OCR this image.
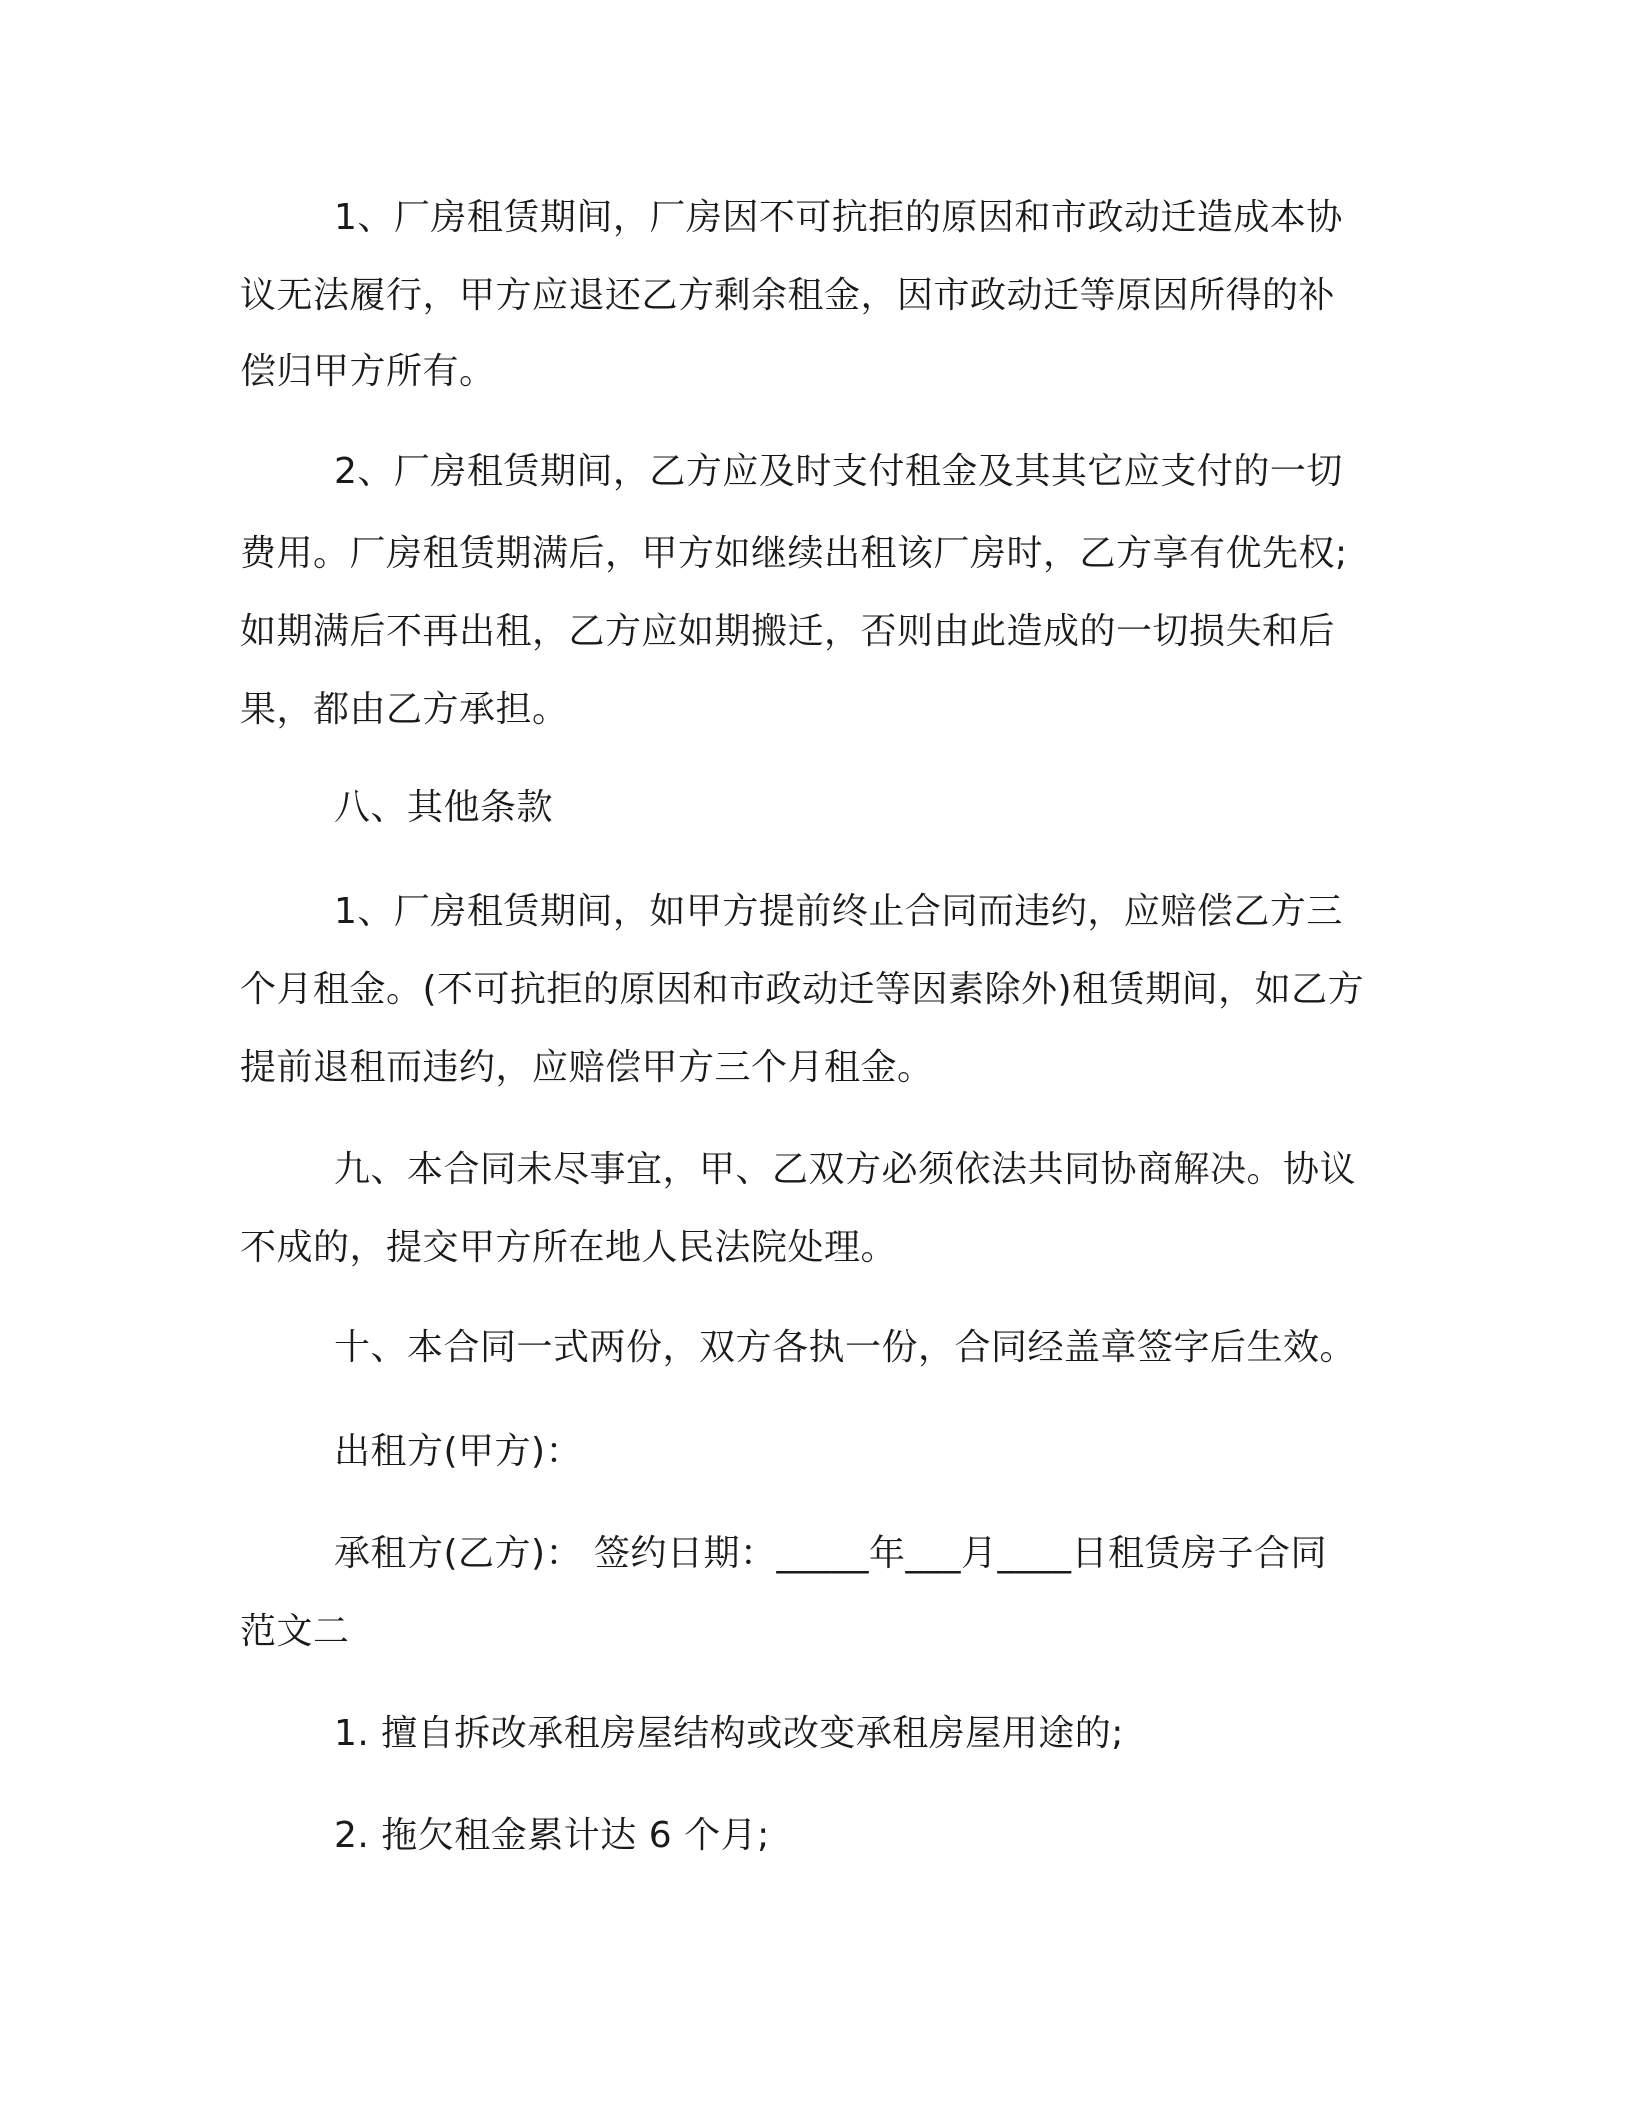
1、厂房租赁期间，厂房因不可抗拒的原因和市政动迁造成本协
议无法履行，甲方应退还乙方剩余租金，因市政动迁等原因所得的补
偿归甲方所有。
2、厂房租赁期间，乙方应及时支付租金及其其它应支付的一切
费用。厂房租赁期满后，甲方如继续出租该厂房时，乙方享有优先权;
如期满后不再出租，乙方应如期搬迁，否则由此造成的一切损失和后
果，都由乙方承担。
八、其他条款
1、厂房租赁期间，如甲方提前终止合同而违约，应赔偿乙方三
个月租金。(不可抗拒的原因和市政动迁等因素除外)租赁期间，如乙方
提前退租而违约，应赔偿甲方三个月租金。
九、本合同未尽事宜，甲、乙双方必须依法共同协商解决。协议
不成的，提交甲方所在地人民法院处理。
十、本合同一式两份，双方各执一份，合同经盖章签字后生效。
出租方(甲方)：
承租方(乙方)： 签约日期：_____年___月____日租赁房子合同
范文二
1. 擅自拆改承租房屋结构或改变承租房屋用途的;
2. 拖欠租金累计达 6 个月;
